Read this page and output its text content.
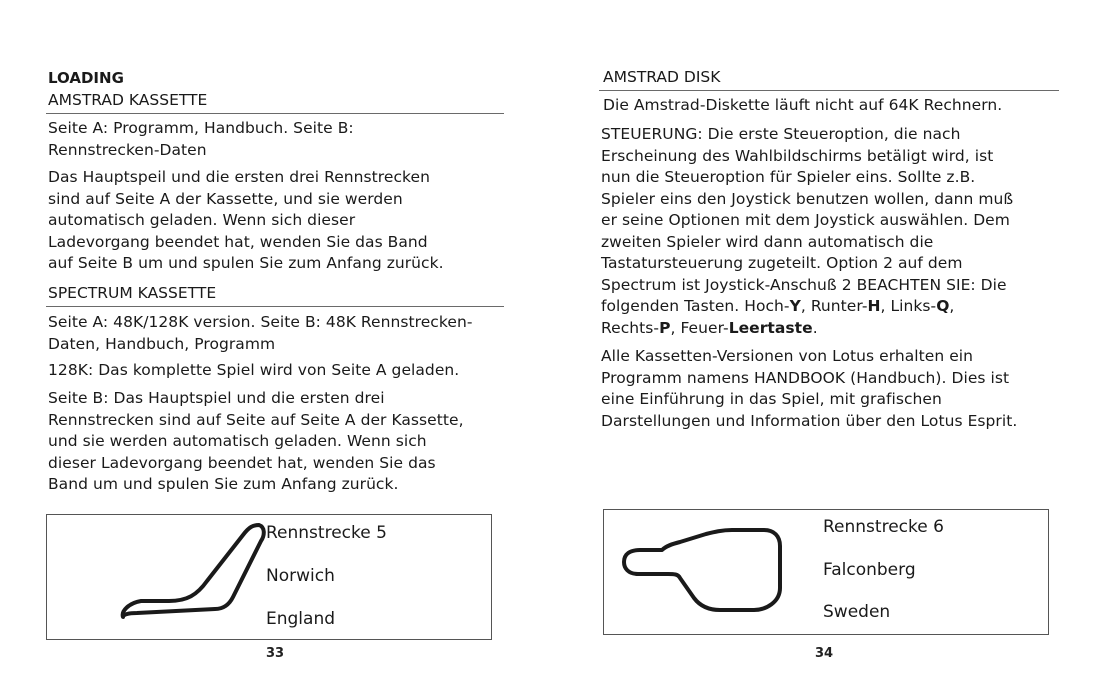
LOADING
AMSTRAD KASSETTE
Seite A: Programm, Handbuch. Seite B:
Rennstrecken-Daten
Das Hauptspeil und die ersten drei Rennstrecken
sind auf Seite A der Kassette, und sie werden
automatisch geladen. Wenn sich dieser
Ladevorgang beendet hat, wenden Sie das Band
auf Seite B um und spulen Sie zum Anfang zurück.
SPECTRUM KASSETTE
Seite A: 48K/128K version. Seite B: 48K Rennstrecken-
Daten, Handbuch, Programm
128K: Das komplette Spiel wird von Seite A geladen.
Seite B: Das Hauptspiel und die ersten drei
Rennstrecken sind auf Seite auf Seite A der Kassette,
und sie werden automatisch geladen. Wenn sich
dieser Ladevorgang beendet hat, wenden Sie das
Band um und spulen Sie zum Anfang zurück.
Rennstrecke 5
Norwich
England
33
AMSTRAD DISK
Die Amstrad-Diskette läuft nicht auf 64K Rechnern.
STEUERUNG: Die erste Steueroption, die nach
Erscheinung des Wahlbildschirms betäligt wird, ist
nun die Steueroption für Spieler eins. Sollte z.B.
Spieler eins den Joystick benutzen wollen, dann muß
er seine Optionen mit dem Joystick auswählen. Dem
zweiten Spieler wird dann automatisch die
Tastatursteuerung zugeteilt. Option 2 auf dem
Spectrum ist Joystick-Anschuß 2 BEACHTEN SIE: Die
folgenden Tasten. Hoch-Y, Runter-H, Links-Q,
Rechts-P, Feuer-Leertaste.
Alle Kassetten-Versionen von Lotus erhalten ein
Programm namens HANDBOOK (Handbuch). Dies ist
eine Einführung in das Spiel, mit grafischen
Darstellungen und Information über den Lotus Esprit.
Rennstrecke 6
Falconberg
Sweden
34
